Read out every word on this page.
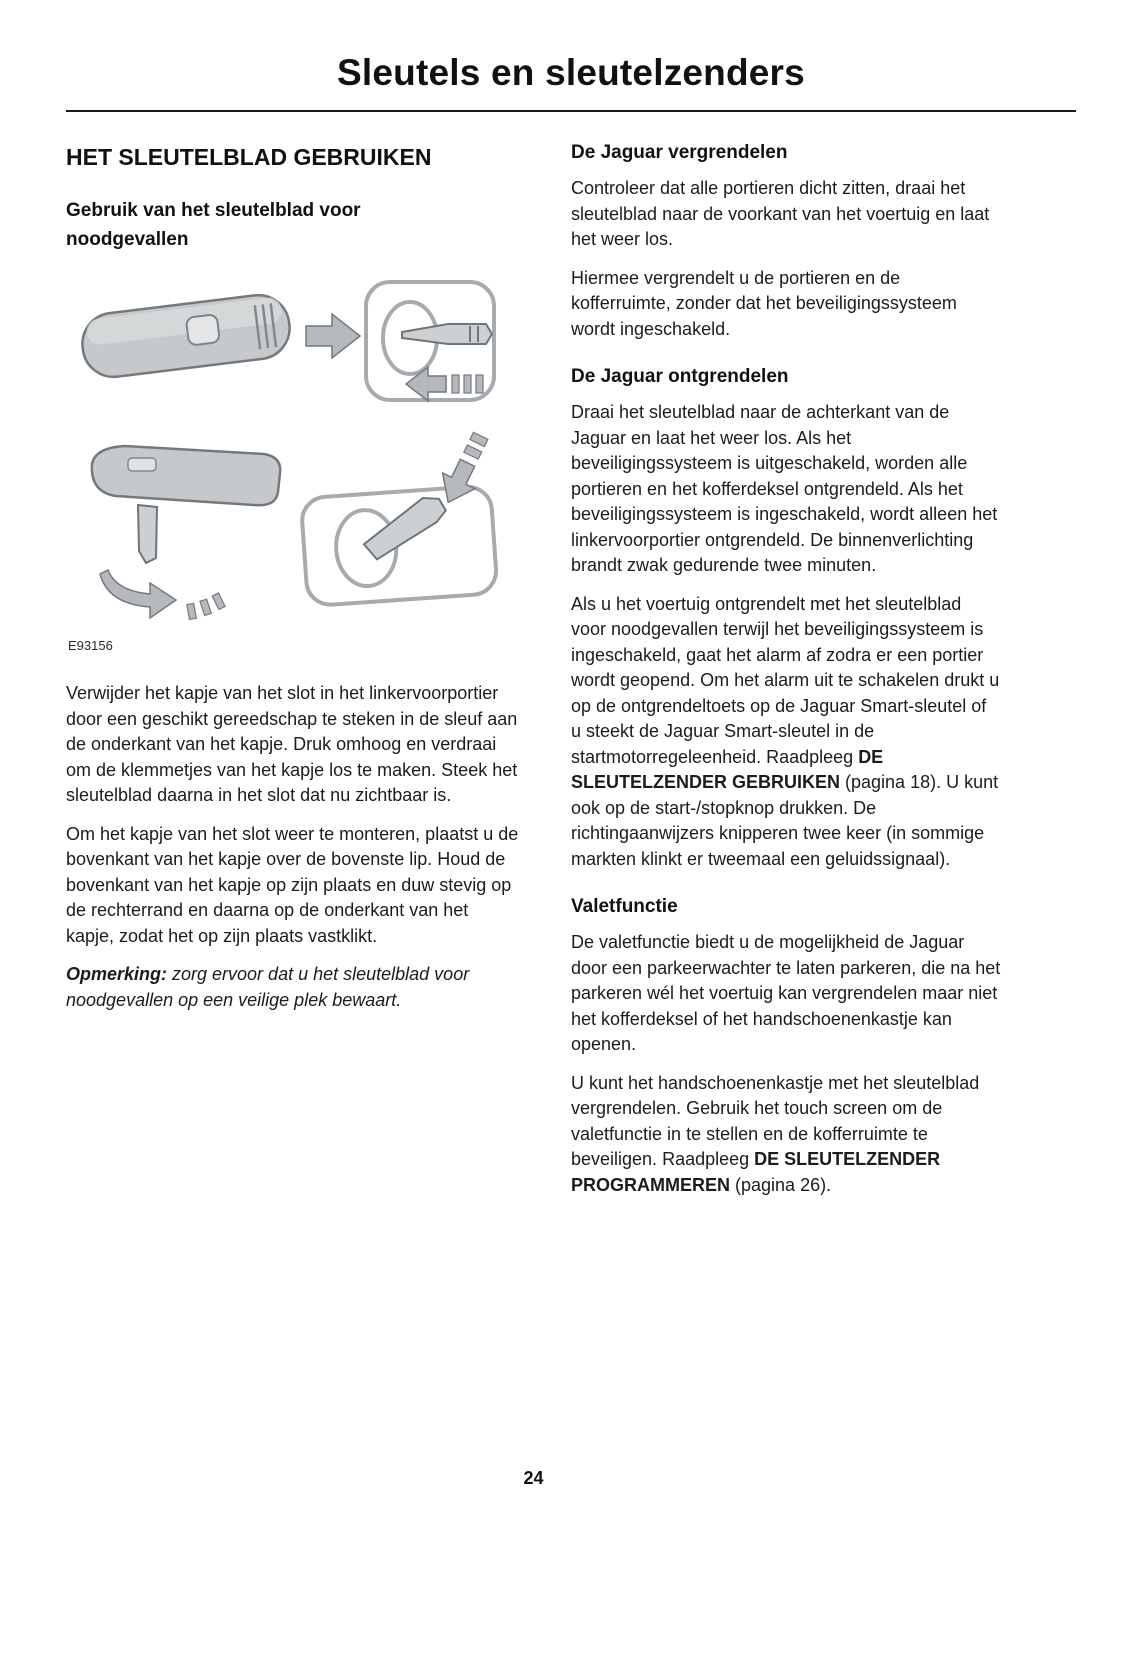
Sleutels en sleutelzenders
HET SLEUTELBLAD GEBRUIKEN
Gebruik van het sleutelblad voor noodgevallen
E93156

Verwijder het kapje van het slot in het linkervoorportier door een geschikt gereedschap te steken in de sleuf aan de onderkant van het kapje. Druk omhoog en verdraai om de klemmetjes van het kapje los te maken. Steek het sleutelblad daarna in het slot dat nu zichtbaar is.

Om het kapje van het slot weer te monteren, plaatst u de bovenkant van het kapje over de bovenste lip. Houd de bovenkant van het kapje op zijn plaats en duw stevig op de rechterrand en daarna op de onderkant van het kapje, zodat het op zijn plaats vastklikt.

Opmerking: zorg ervoor dat u het sleutelblad voor noodgevallen op een veilige plek bewaart.

De Jaguar vergrendelen

Controleer dat alle portieren dicht zitten, draai het sleutelblad naar de voorkant van het voertuig en laat het weer los.

Hiermee vergrendelt u de portieren en de kofferruimte, zonder dat het beveiligingssysteem wordt ingeschakeld.

De Jaguar ontgrendelen

Draai het sleutelblad naar de achterkant van de Jaguar en laat het weer los. Als het beveiligingssysteem is uitgeschakeld, worden alle portieren en het kofferdeksel ontgrendeld. Als het beveiligingssysteem is ingeschakeld, wordt alleen het linkervoorportier ontgrendeld. De binnenverlichting brandt zwak gedurende twee minuten.

Als u het voertuig ontgrendelt met het sleutelblad voor noodgevallen terwijl het beveiligingssysteem is ingeschakeld, gaat het alarm af zodra er een portier wordt geopend. Om het alarm uit te schakelen drukt u op de ontgrendeltoets op de Jaguar Smart-sleutel of u steekt de Jaguar Smart-sleutel in de startmotorregeleenheid. Raadpleeg DE SLEUTELZENDER GEBRUIKEN (pagina 18). U kunt ook op de start-/stopknop drukken. De richtingaanwijzers knipperen twee keer (in sommige markten klinkt er tweemaal een geluidssignaal).

Valetfunctie

De valetfunctie biedt u de mogelijkheid de Jaguar door een parkeerwachter te laten parkeren, die na het parkeren wél het voertuig kan vergrendelen maar niet het kofferdeksel of het handschoenenkastje kan openen.

U kunt het handschoenenkastje met het sleutelblad vergrendelen. Gebruik het touch screen om de valetfunctie in te stellen en de kofferruimte te beveiligen. Raadpleeg DE SLEUTELZENDER PROGRAMMEREN (pagina 26).

24
